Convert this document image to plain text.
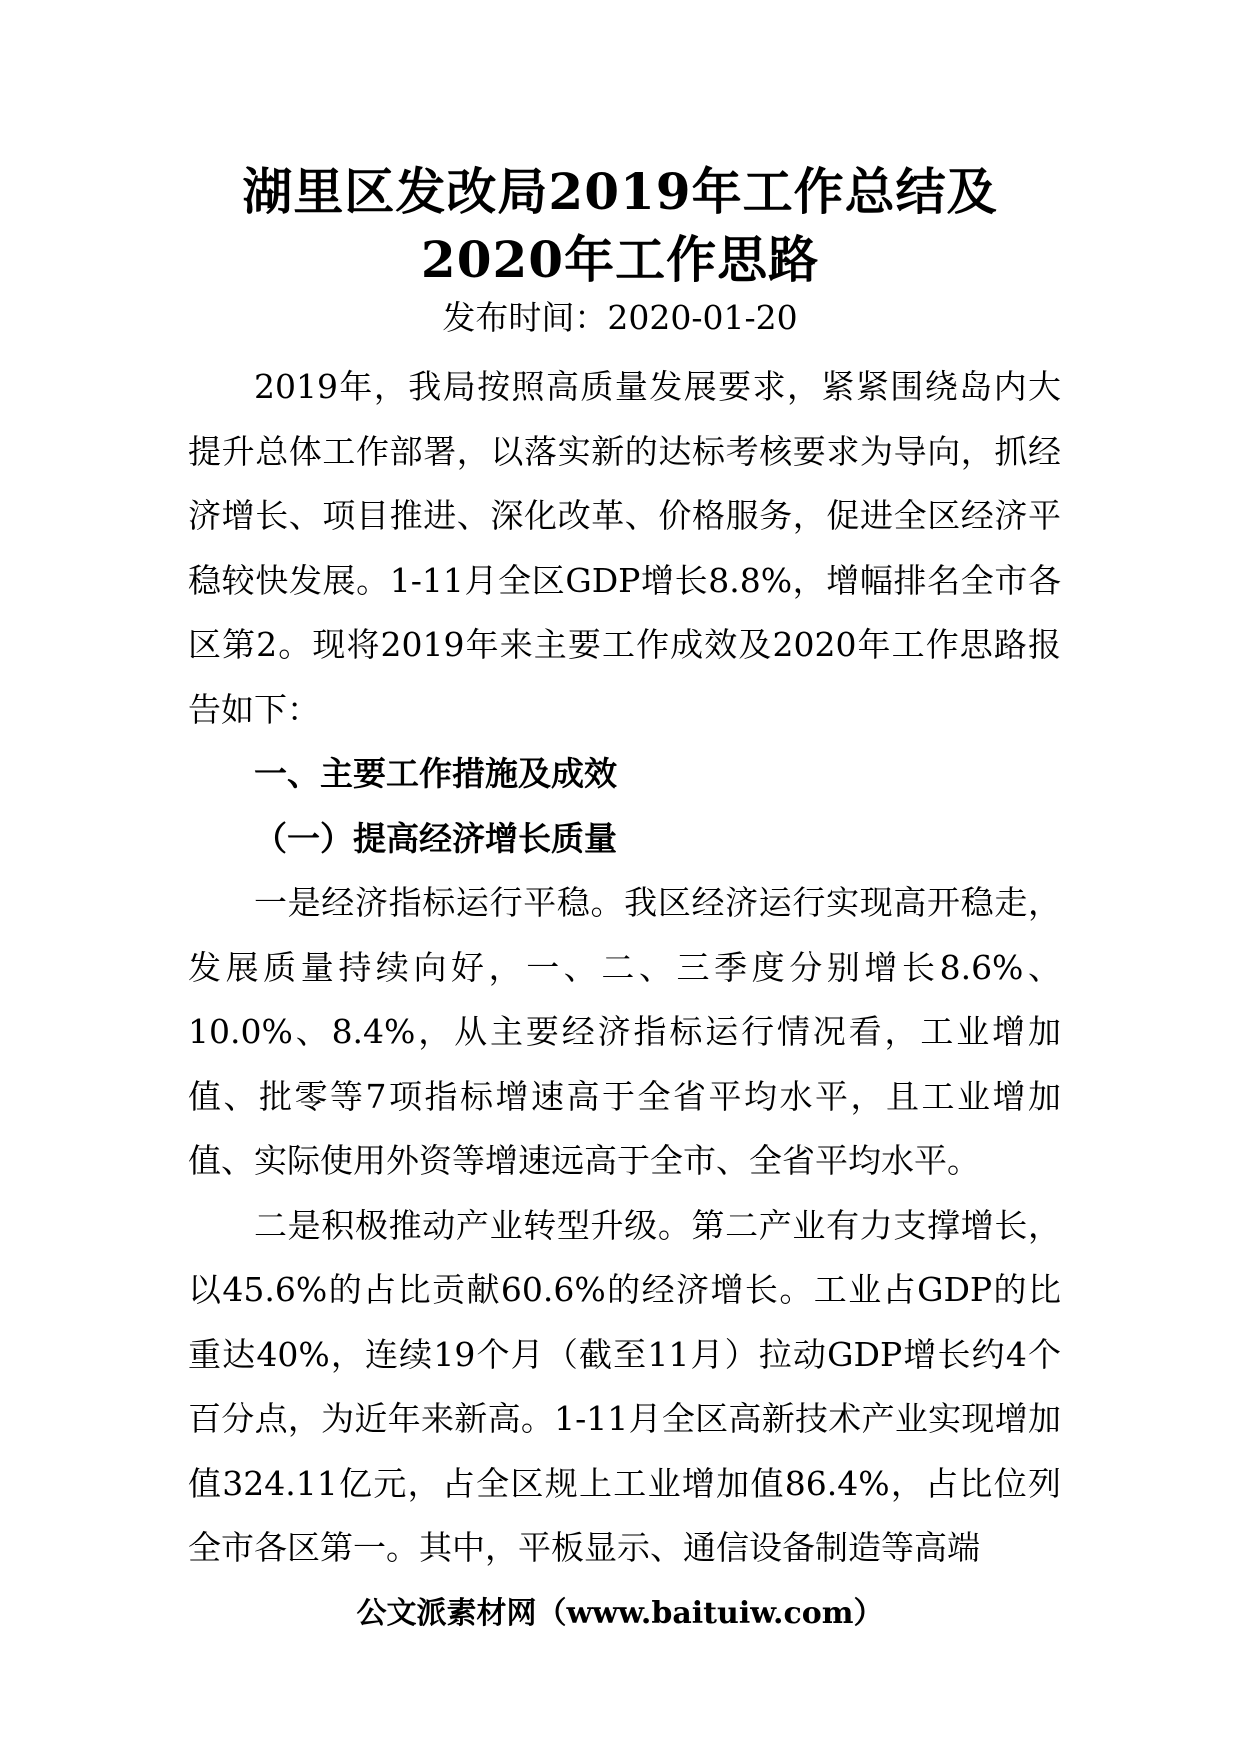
湖里区发改局2019年工作总结及2020年工作思路
发布时间：2020-01-20

2019年，我局按照高质量发展要求，紧紧围绕岛内大提升总体工作部署，以落实新的达标考核要求为导向，抓经济增长、项目推进、深化改革、价格服务，促进全区经济平稳较快发展。1-11月全区GDP增长8.8%，增幅排名全市各区第2。现将2019年来主要工作成效及2020年工作思路报告如下：

一、主要工作措施及成效

（一）提高经济增长质量

一是经济指标运行平稳。我区经济运行实现高开稳走，发展质量持续向好，一、二、三季度分别增长8.6%、10.0%、8.4%，从主要经济指标运行情况看，工业增加值、批零等7项指标增速高于全省平均水平，且工业增加值、实际使用外资等增速远高于全市、全省平均水平。

二是积极推动产业转型升级。第二产业有力支撑增长，以45.6%的占比贡献60.6%的经济增长。工业占GDP的比重达40%，连续19个月（截至11月）拉动GDP增长约4个百分点，为近年来新高。1-11月全区高新技术产业实现增加值324.11亿元，占全区规上工业增加值86.4%，占比位列全市各区第一。其中，平板显示、通信设备制造等高端

公文派素材网（www.baituiw.com）
